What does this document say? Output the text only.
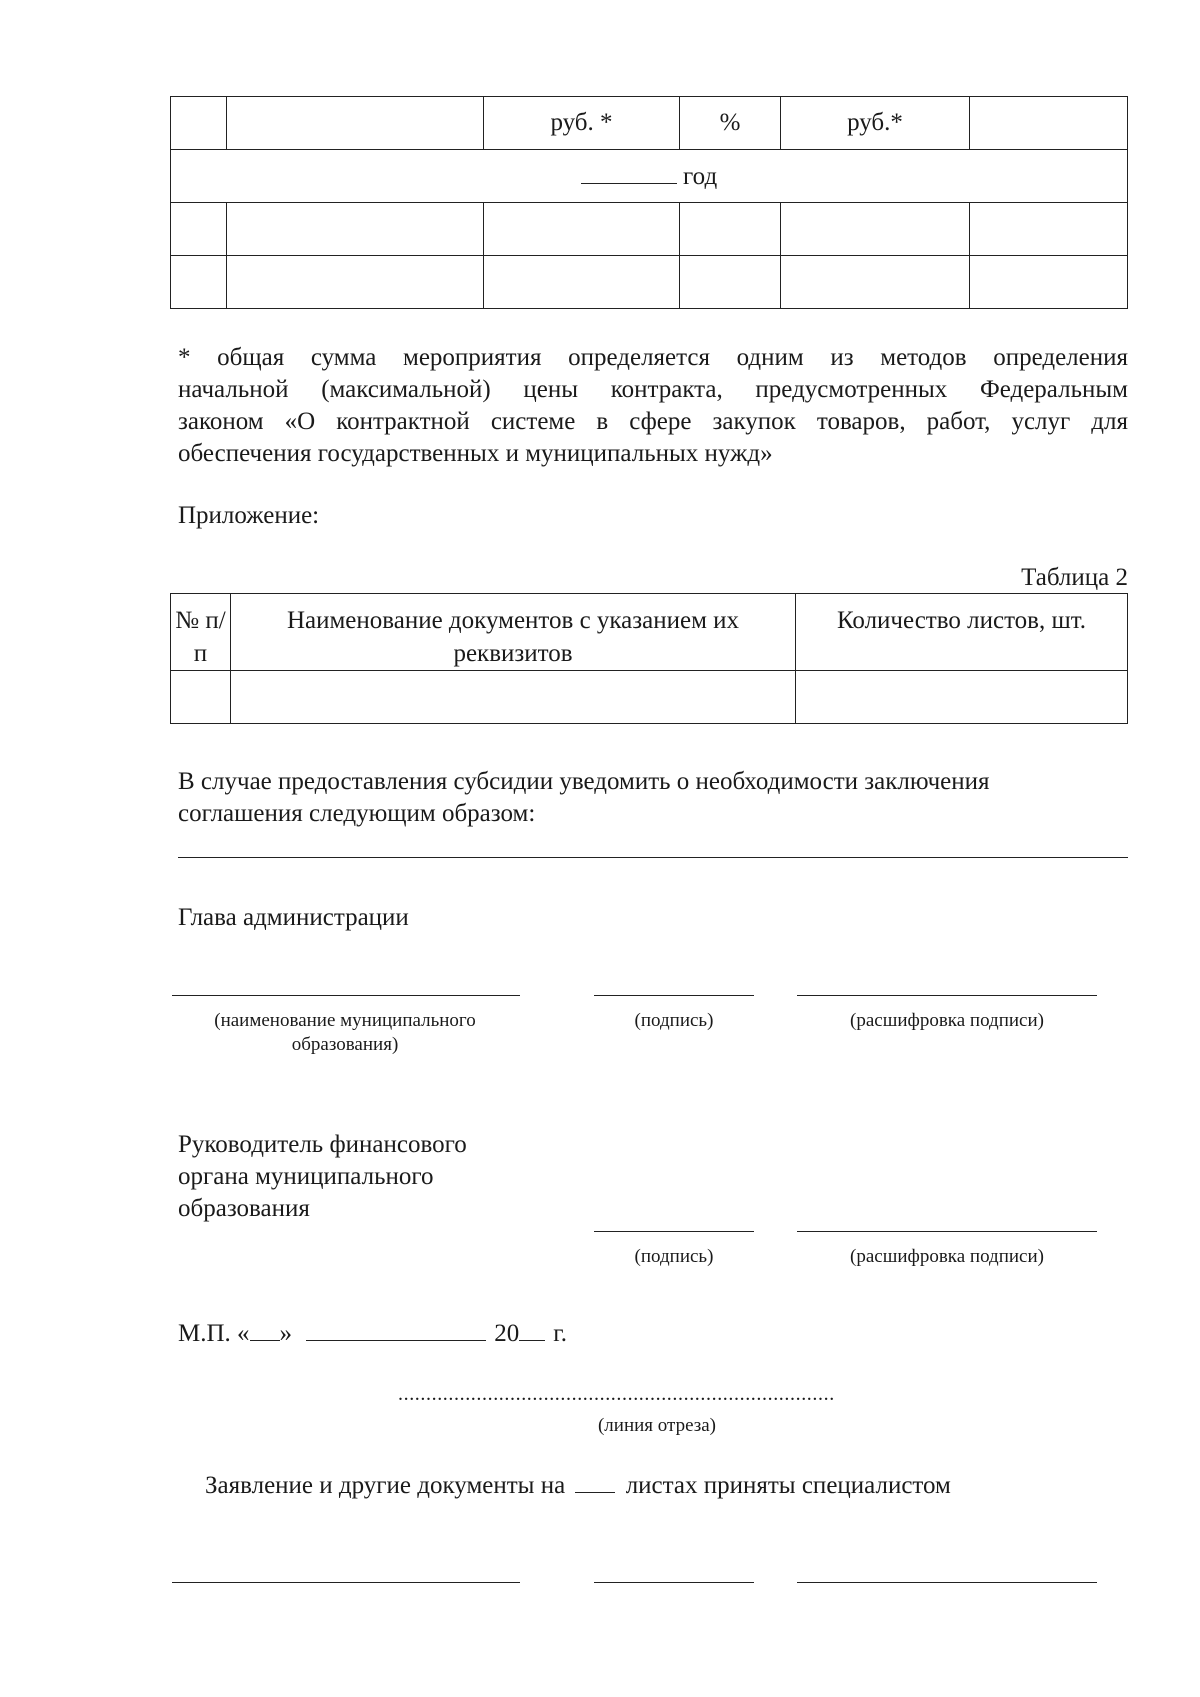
		руб. *	%	руб.*	
год					

* общая сумма мероприятия определяется одним из методов определения
начальной (максимальной) цены контракта, предусмотренных Федеральным
законом «О контрактной системе в сфере закупок товаров, работ, услуг для
обеспечения государственных и муниципальных нужд»
Приложение:
Таблица 2
№ п/п	Наименование документов с указанием их реквизитов	Количество листов, шт.

В случае предоставления субсидии уведомить о необходимости заключения
соглашения следующим образом:
Глава администрации
(наименование муниципального образования)
(подпись)	(расшифровка подписи)
Руководитель финансового
органа муниципального
образования
(подпись)	(расшифровка подписи)
М.П. « »	20 г.
..............................................................................
(линия отреза)
Заявление и другие документы на листах приняты специалистом
